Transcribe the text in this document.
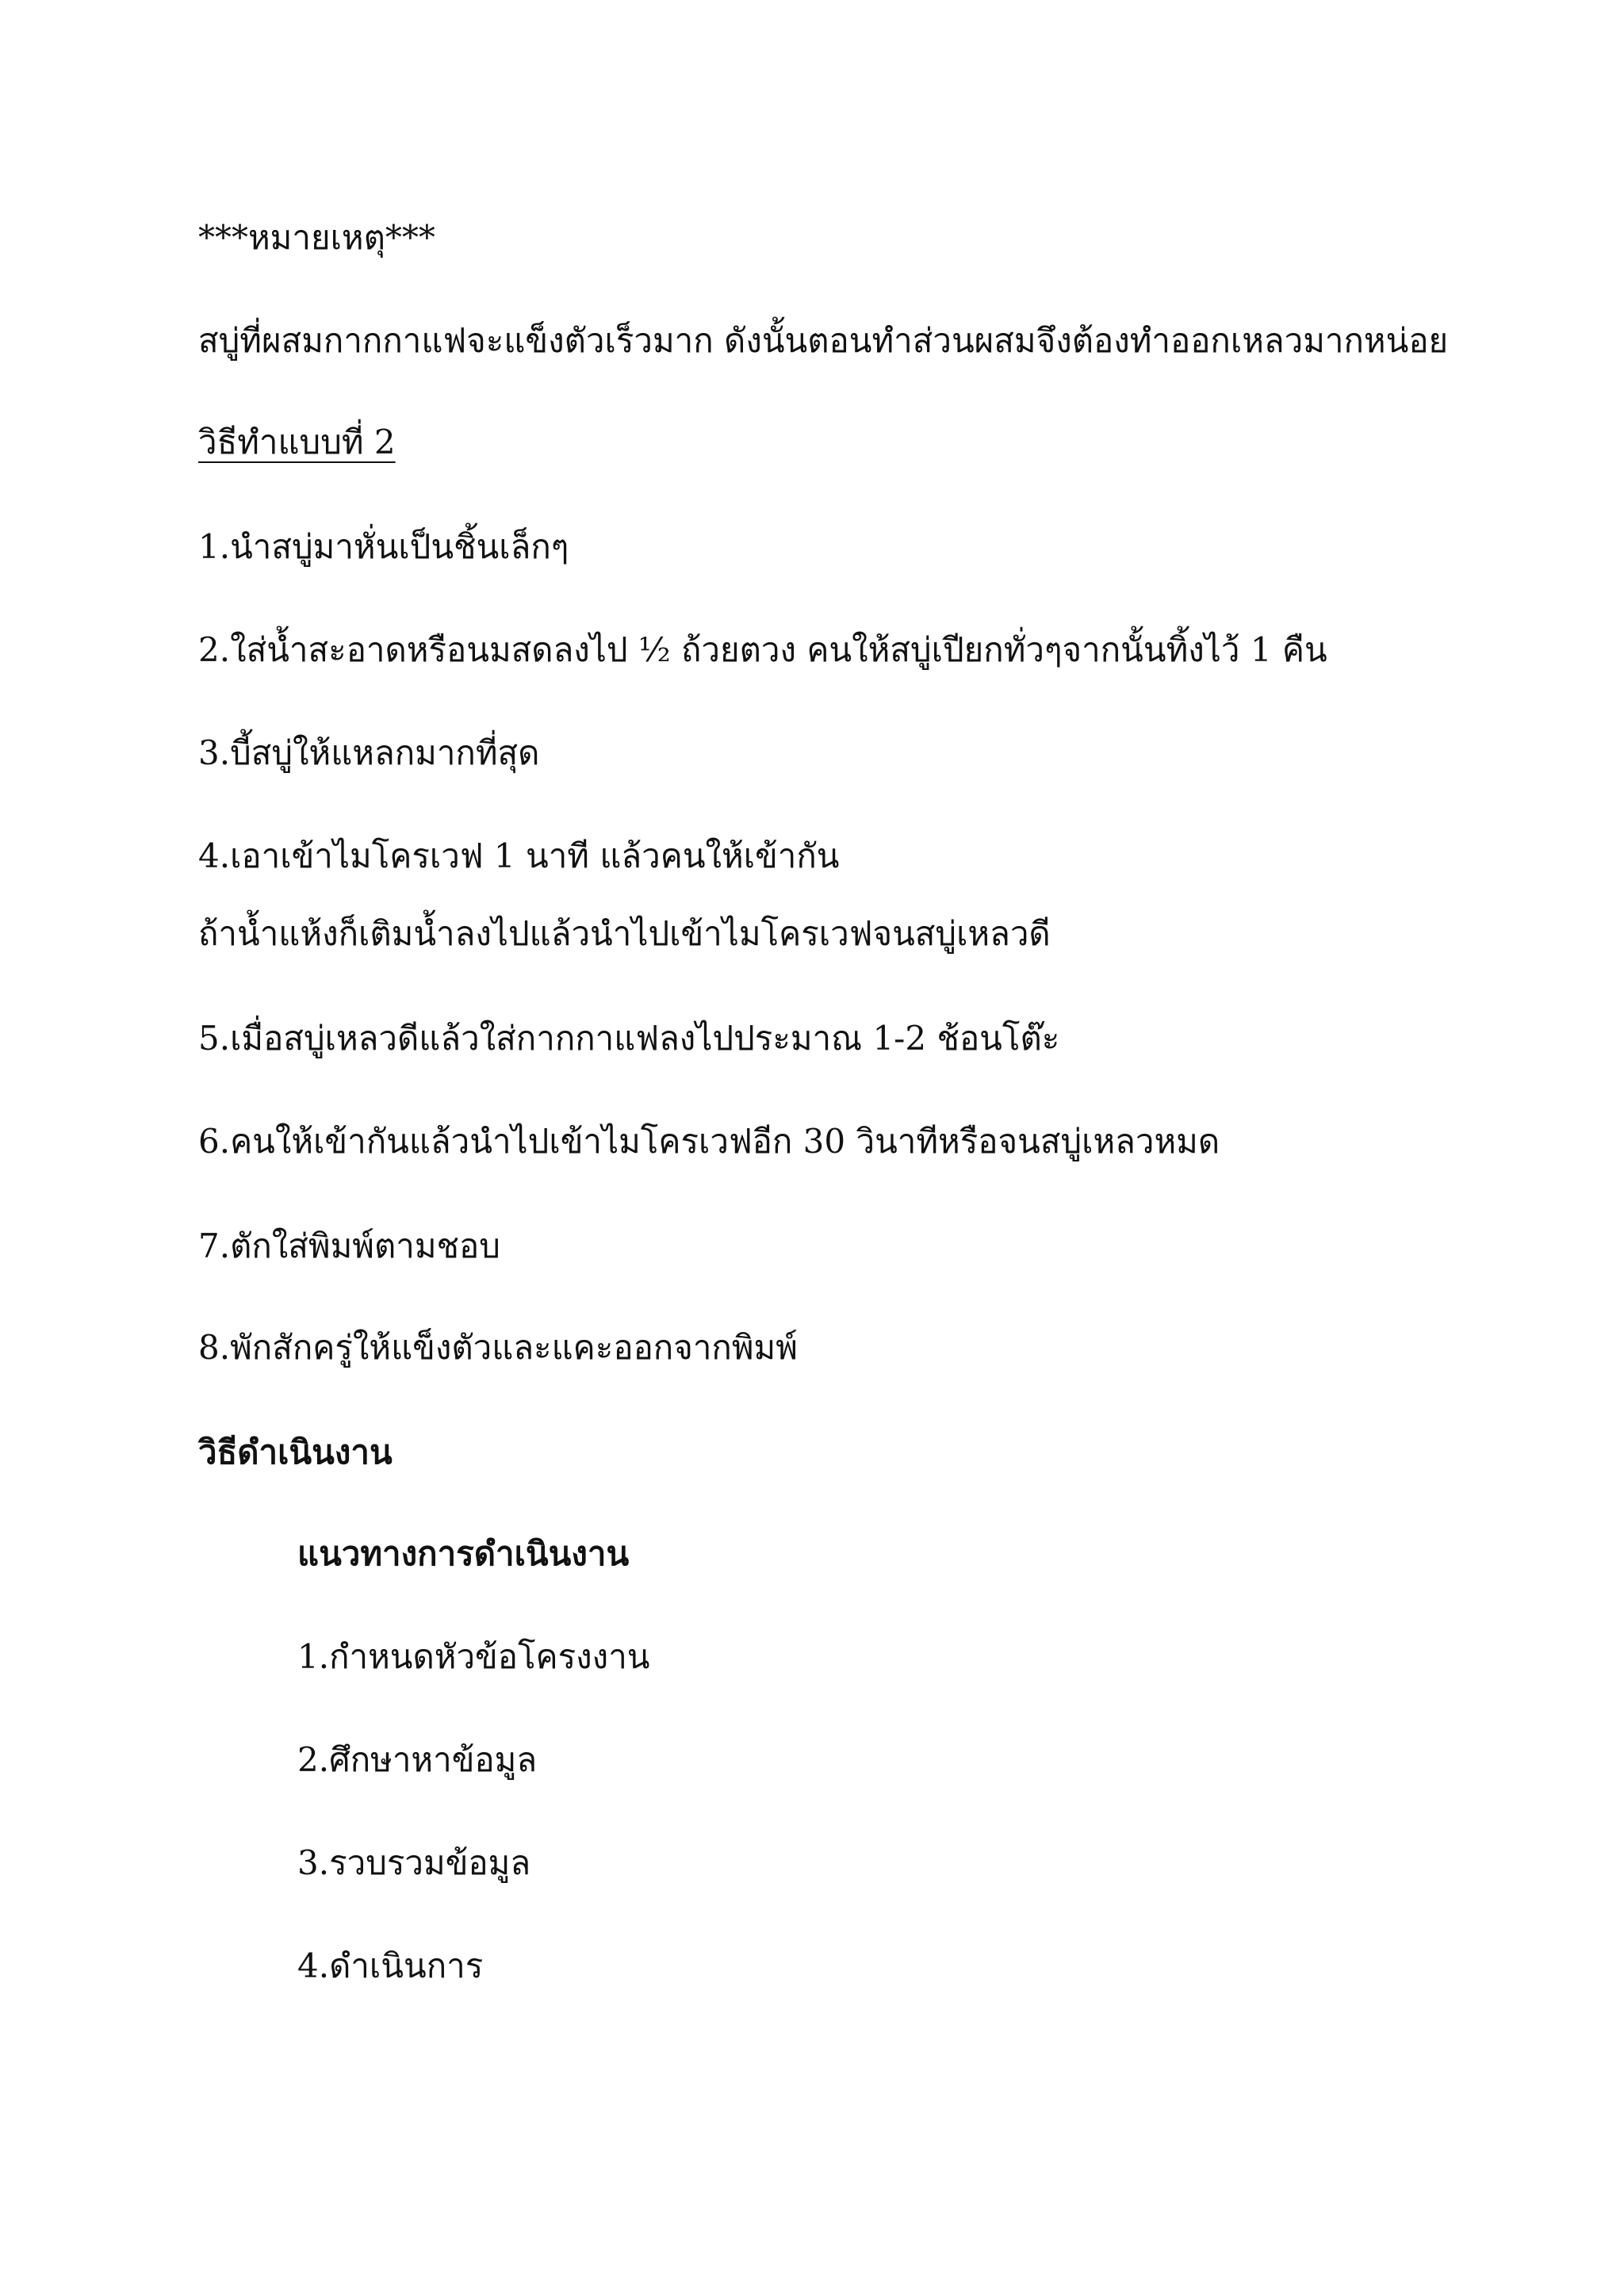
***หมายเหตุ***
สบู่ที่ผสมกากกาแฟจะแข็งตัวเร็วมาก ดังนั้นตอนทำส่วนผสมจึงต้องทำออกเหลวมากหน่อย
วิธีทำแบบที่ 2
1.นำสบู่มาหั่นเป็นชิ้นเล็กๆ
2.ใส่น้ำสะอาดหรือนมสดลงไป ½ ถ้วยตวง คนให้สบู่เปียกทั่วๆจากนั้นทิ้งไว้ 1 คืน
3.บี้สบู่ให้แหลกมากที่สุด
4.เอาเข้าไมโครเวฟ 1 นาที แล้วคนให้เข้ากัน
ถ้าน้ำแห้งก็เติมน้ำลงไปแล้วนำไปเข้าไมโครเวฟจนสบู่เหลวดี
5.เมื่อสบู่เหลวดีแล้วใส่กากกาแฟลงไปประมาณ 1-2 ช้อนโต๊ะ
6.คนให้เข้ากันแล้วนำไปเข้าไมโครเวฟอีก 30 วินาทีหรือจนสบู่เหลวหมด
7.ตักใส่พิมพ์ตามชอบ
8.พักสักครู่ให้แข็งตัวและแคะออกจากพิมพ์
วิธีดำเนินงาน
แนวทางการดำเนินงาน
1.กำหนดหัวข้อโครงงาน
2.ศึกษาหาข้อมูล
3.รวบรวมข้อมูล
4.ดำเนินการ
